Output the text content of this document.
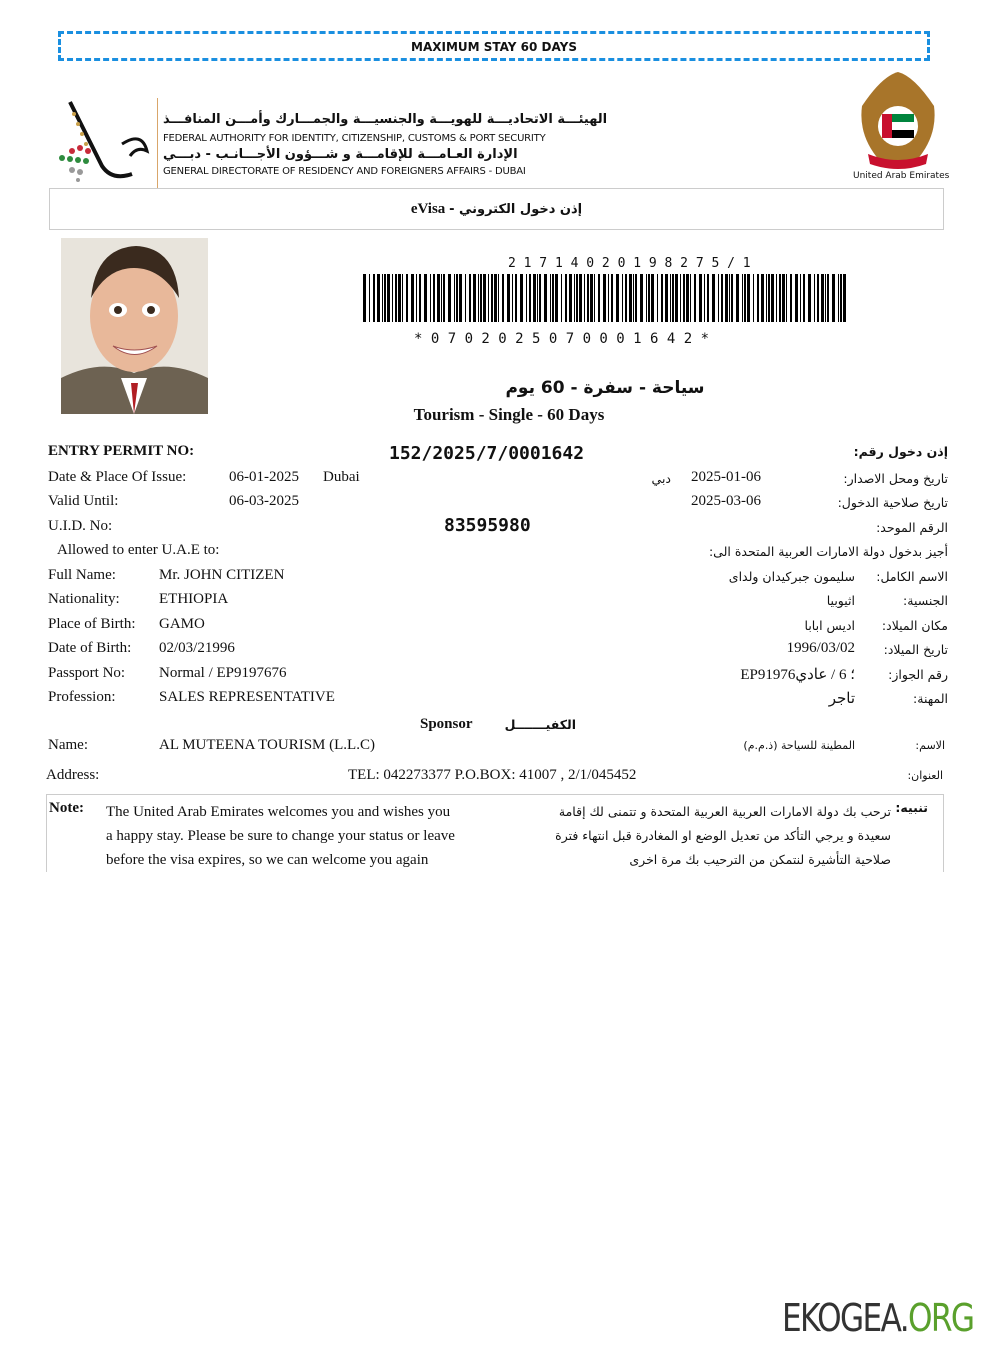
MAXIMUM STAY 60 DAYS
الهيئـــة الاتحاديـــة للهويـــة والجنسيـــة والجمـــارك وأمـــن المنافـــذ
FEDERAL AUTHORITY FOR IDENTITY, CITIZENSHIP, CUSTOMS & PORT SECURITY
الإدارة العـامـــة للإقامـــة و شـــؤون الأجـــانـب - دبـــي
GENERAL DIRECTORATE OF RESIDENCY AND FOREIGNERS AFFAIRS - DUBAI	United Arab Emirates
eVisa إذن دخول الكتروني -
2 1 7 1 4 0 2 0 1 9 8 2 7 5 / 1
* 0 7 0 2 0 2 5 0 7 0 0 0 1 6 4 2 *
سياحة - سفرة - 60 يوم
Tourism - Single - 60 Days
ENTRY PERMIT NO:	152/2025/7/0001642	إذن دخول رقم:
Date & Place Of Issue:	06-01-2025 Dubai	دبي 2025-01-06	تاريخ ومحل الاصدار:
Valid Until:	06-03-2025	2025-03-06	تاريخ صلاحية الدخول:
U.I.D. No:	83595980	الرقم الموحد:
Allowed to enter U.A.E to:	أجيز بدخول دولة الامارات العربية المتحدة الى:
Full Name:	Mr. JOHN CITIZEN	سليمون جبركيدان ولداى الاسم الكامل:
Nationality:	ETHIOPIA	اثيوبيا	الجنسية:
Place of Birth: GAMO	اديس ابابا مكان الميلاد:
Date of Birth: 02/03/21996	1996/03/02 تاريخ الميلاد:
Passport No: Normal / EP9197676	EP91976؛ 6 / عادي	رقم الجواز:
Profession:	SALES REPRESENTATIVE	تاجر	المهنة:
Sponsor	الكفيـــــــل
Name:	AL MUTEENA TOURISM (L.L.C)	المطينة للسياحة (ذ.م.م)	الاسم:
Address:	TEL: 042273377 P.O.BOX: 41007 , 2/1/045452	العنوان:
Note: The United Arab Emirates welcomes you and wishes you
a happy stay. Please be sure to change your status or leave
before the visa expires, so we can welcome you again
تنبيه:
ترحب بك دولة الامارات العربية العربية المتحدة و تتمنى لك إقامة
سعيدة و يرجي التأكد من تعديل الوضع او المغادرة قبل انتهاء فترة
صلاحية التأشيرة لنتمكن من الترحيب بك مرة اخرى
EKOGEA.ORG
